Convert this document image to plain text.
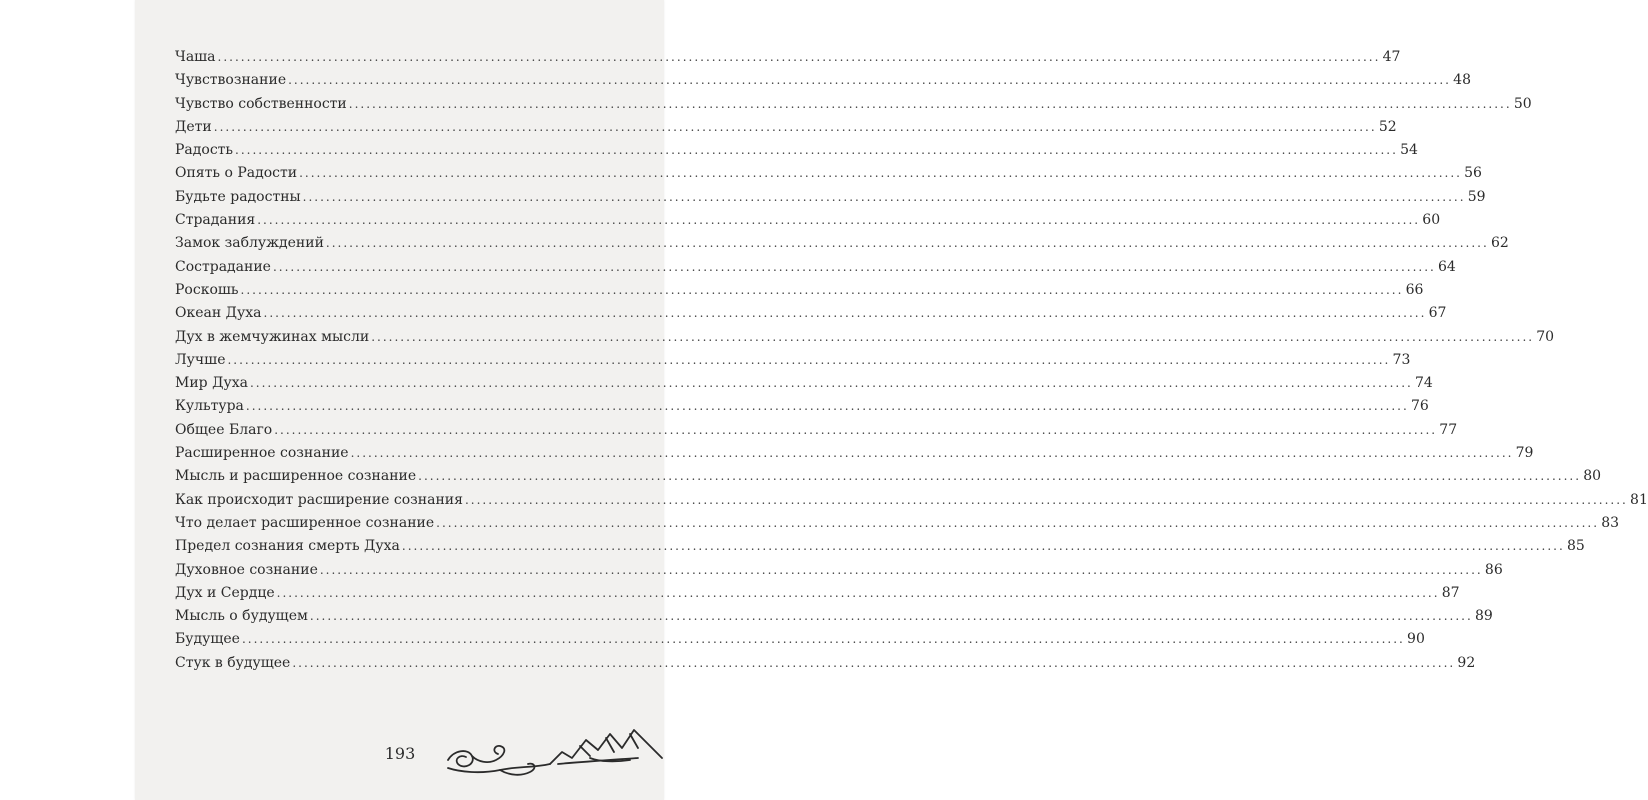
Чаша ........................................................................................................................................................................................................ 47
Чувствознание ........................................................................................................................................................................................................ 48
Чувство собственности ........................................................................................................................................................................................................ 50
Дети ........................................................................................................................................................................................................ 52
Радость ........................................................................................................................................................................................................ 54
Опять о Радости ........................................................................................................................................................................................................ 56
Будьте радостны ........................................................................................................................................................................................................ 59
Страдания ........................................................................................................................................................................................................ 60
Замок заблуждений ........................................................................................................................................................................................................ 62
Сострадание ........................................................................................................................................................................................................ 64
Роскошь ........................................................................................................................................................................................................ 66
Океан Духа ........................................................................................................................................................................................................ 67
Дух в жемчужинах мысли ........................................................................................................................................................................................................ 70
Лучше ........................................................................................................................................................................................................ 73
Мир Духа ........................................................................................................................................................................................................ 74
Культура ........................................................................................................................................................................................................ 76
Общее Благо ........................................................................................................................................................................................................ 77
Расширенное сознание ........................................................................................................................................................................................................ 79
Мысль и расширенное сознание ........................................................................................................................................................................................................ 80
Как происходит расширение сознания ........................................................................................................................................................................................................ 81
Что делает расширенное сознание ........................................................................................................................................................................................................ 83
Предел сознания смерть Духа ........................................................................................................................................................................................................ 85
Духовное сознание ........................................................................................................................................................................................................ 86
Дух и Сердце ........................................................................................................................................................................................................ 87
Мысль о будущем ........................................................................................................................................................................................................ 89
Будущее ........................................................................................................................................................................................................ 90
Стук в будущее ........................................................................................................................................................................................................ 92
193
